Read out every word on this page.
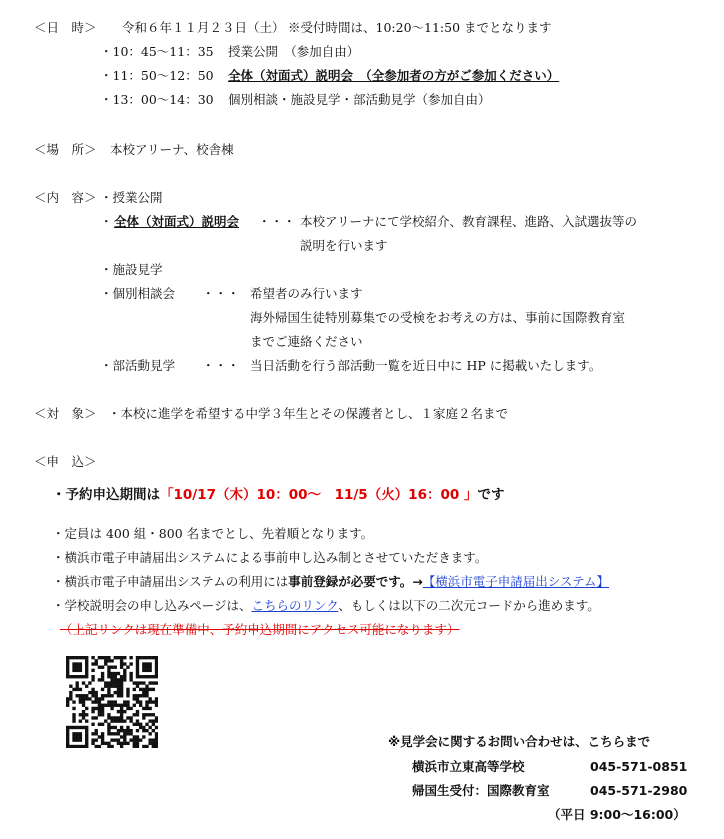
＜日　時＞ 令和６年１１月２３日（土） ※受付時間は、10:20〜11:50 までとなります
・10：45〜11：35 授業公開　（参加自由）
・11：50〜12：50 全体（対面式）説明会　（全参加者の方がご参加ください）
・13：00〜14：30 個別相談・施設見学・部活動見学（参加自由）
＜場　所＞ 本校アリーナ、校舎棟
＜内　容＞ ・授業公開
・ 全体（対面式）説明会 ・・・ 本校アリーナにて学校紹介、教育課程、進路、入試選抜等の
説明を行います
・施設見学
・個別相談会 ・・・ 希望者のみ行います
海外帰国生徒特別募集での受検をお考えの方は、事前に国際教育室
までご連絡ください
・部活動見学 ・・・ 当日活動を行う部活動一覧を近日中に HP に掲載いたします。
＜対　象＞ ・本校に進学を希望する中学３年生とその保護者とし、１家庭２名まで
＜申　込＞
・予約申込期間は「10/17（木）10：00〜　11/5（火）16：00 」です
・定員は 400 組・800 名までとし、先着順となります。
・横浜市電子申請届出システムによる事前申し込み制とさせていただきます。
・横浜市電子申請届出システムの利用には事前登録が必要です。→【横浜市電子申請届出システム】
・学校説明会の申し込みページは、こちらのリンク、もしくは以下の二次元コードから進めます。
（上記リンクは現在準備中、予約申込期間にアクセス可能になります）
※見学会に関するお問い合わせは、こちらまで
横浜市立東高等学校	045-571-0851
帰国生受付：国際教育室	045-571-2980
（平日 9:00〜16:00）
